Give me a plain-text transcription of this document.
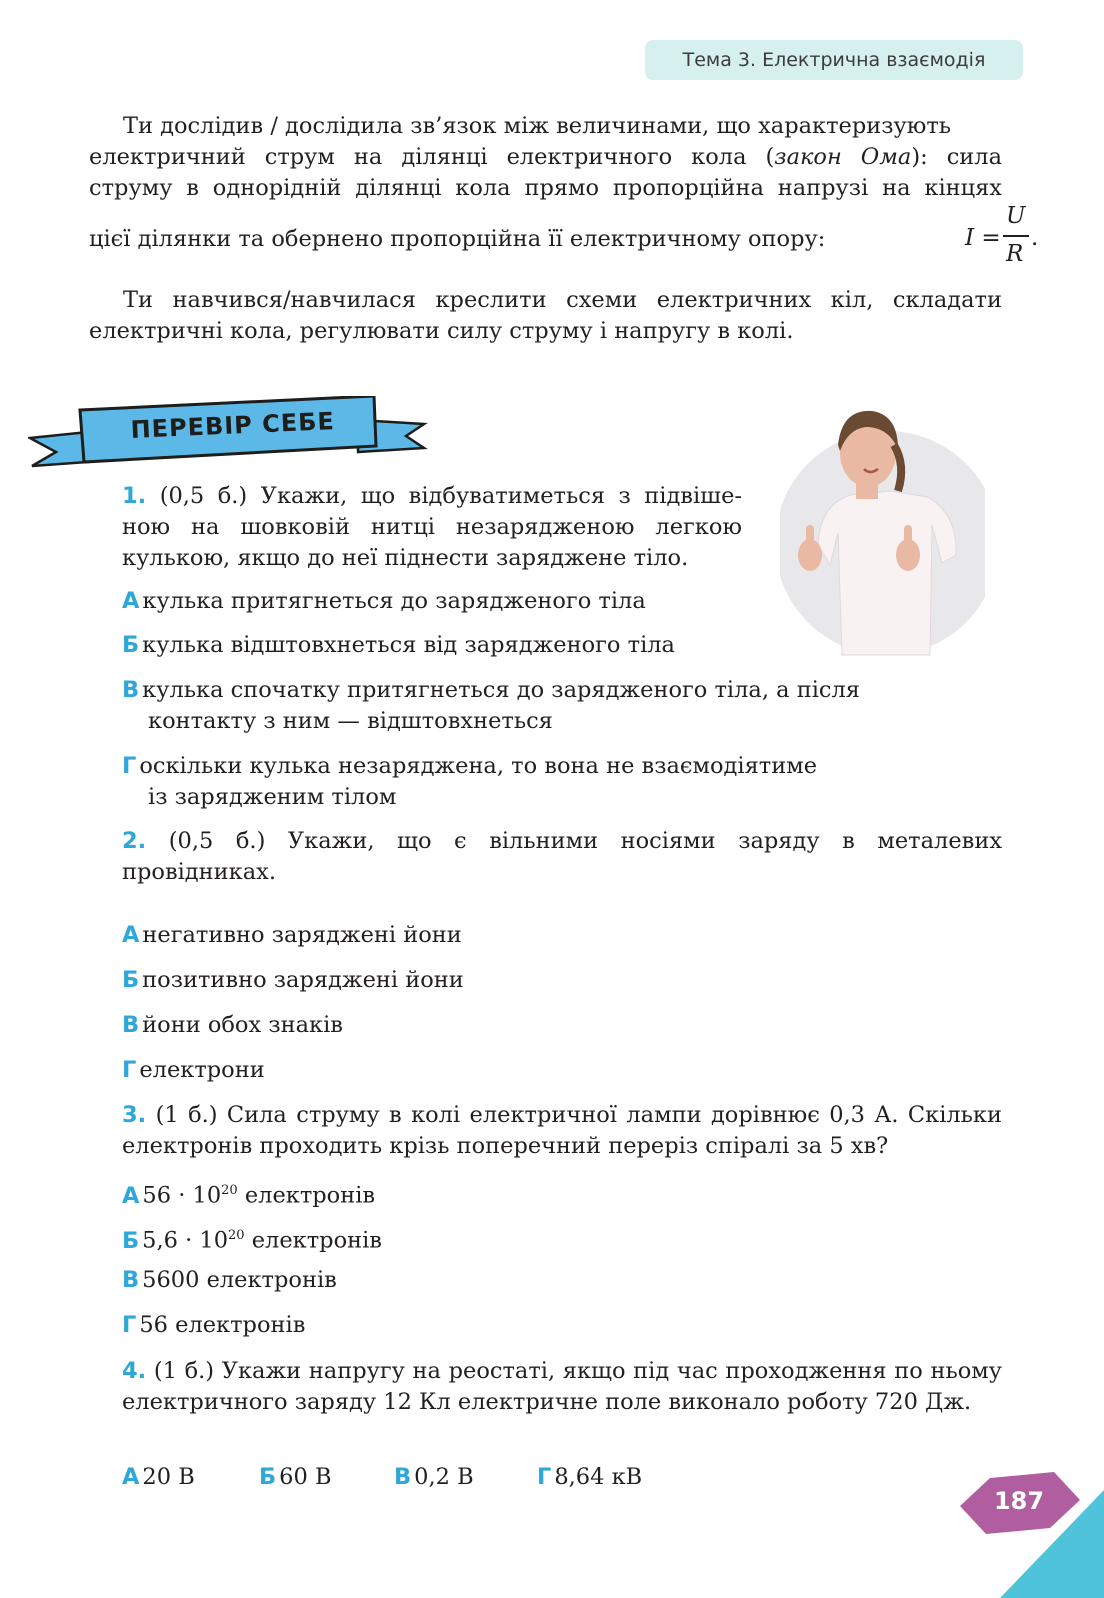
Тема 3. Електрична взаємодія
Ти дослідив / дослідила зв’язок між величинами, що характеризують
електричний струм на ділянці електричного кола (закон Ома): сила
струму в однорідній ділянці кола прямо пропорційна напрузі на кінцях
цієї ділянки та обернено пропорційна її електричному опору:	I =
U
R
.
Ти навчився/навчилася креслити схеми електричних кіл, складати електричні кола, регулювати силу струму і напругу в колі.
ПЕРЕВІР СЕБЕ
1. (0,5 б.) Укажи, що відбуватиметься з підвіше-
ною на шовковій нитці незарядженою легкою
кулькою, якщо до неї піднести заряджене тіло.
А кулька притягнеться до зарядженого тіла
Б кулька відштовхнеться від зарядженого тіла
В кулька спочатку притягнеться до зарядженого тіла, а після
контакту з ним — відштовхнеться
Г оскільки кулька незаряджена, то вона не взаємодіятиме
із зарядженим тілом
2. (0,5 б.) Укажи, що є вільними носіями заряду в металевих провідниках.
А негативно заряджені йони
Б позитивно заряджені йони
В йони обох знаків
Г електрони
3. (1 б.) Сила струму в колі електричної лампи дорівнює 0,3 А. Скільки електронів проходить крізь поперечний переріз спіралі за 5 хв?
А $56 \cdot 10^{20}$ електронів
Б $5,6 \cdot 10^{20}$ електронів
В 5600 електронів
Г 56 електронів
4. (1 б.) Укажи напругу на реостаті, якщо під час проходження по ньому електричного заряду 12 Кл електричне поле виконало роботу 720 Дж.
А 20 В	Б 60 В	В 0,2 В	Г 8,64 кВ
187
